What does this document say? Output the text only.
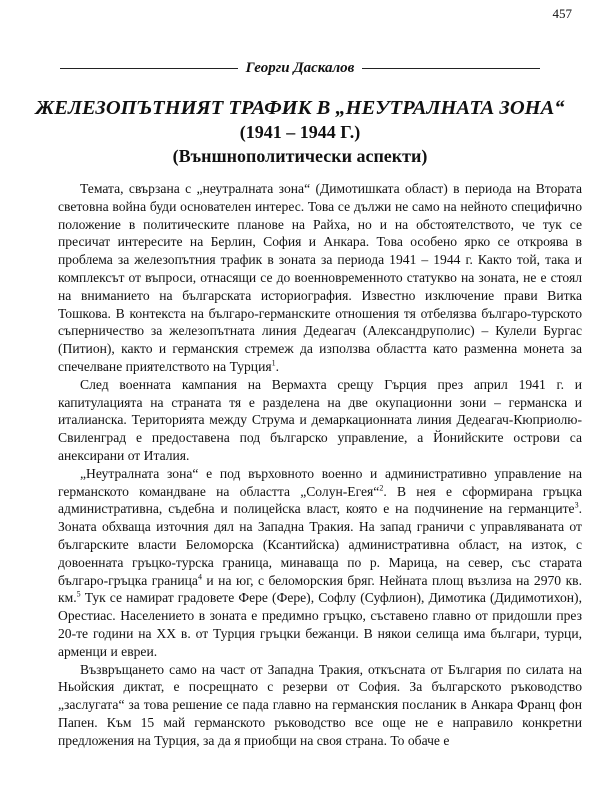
457
Георги Даскалов
ЖЕЛЕЗОПЪТНИЯТ ТРАФИК В „НЕУТРАЛНАТА ЗОНА“
(1941 – 1944 Г.)
(Външнополитически аспекти)

Темата, свързана с „неутралната зона“ (Димотишката област) в периода на Втората световна война буди основателен интерес. Това се дължи не само на нейното специфично положение в политическите планове на Райха, но и на обстоятелството, че тук се пресичат интересите на Берлин, София и Анкара. Това особено ярко се откроява в проблема за железопътния трафик в зоната за периода 1941 – 1944 г. Както той, така и комплексът от въпроси, отнасящи се до военновременното статукво на зоната, не е стоял на вниманието на българската историография. Известно изключение прави Витка Тошкова. В контекста на българо-германските отношения тя отбелязва българо-турското съперничество за железопътната линия Дедеагач (Александруполис) – Кулели Бургас (Питион), както и германския стремеж да използва областта като разменна монета за спечелване приятелството на Турция$^1$.

След военната кампания на Вермахта срещу Гърция през април 1941 г. и капитулацията на страната тя е разделена на две окупационни зони – германска и италианска. Територията между Струма и демаркационната линия Дедеагач-Кюприолю-Свиленград е предоставена под българско управление, а Йонийските острови са анексирани от Италия.

„Неутралната зона“ е под върховното военно и административно управление на германското командване на областта „Солун-Егея“$^2$. В нея е сформирана гръцка административна, съдебна и полицейска власт, която е на подчинение на германците$^3$. Зоната обхваща източния дял на Западна Тракия. На запад граничи с управляваната от българските власти Беломорска (Ксантийска) административна област, на изток, с довоенната гръцко-турска граница, минаваща по р. Марица, на север, със старата българо-гръцка граница$^4$ и на юг, с беломорския бряг. Нейната площ възлиза на 2970 кв. км.$^5$ Тук се намират градовете Фере (Фере), Софлу (Суфлион), Димотика (Дидимотихон), Орестиас. Населението в зоната е предимно гръцко, съставено главно от придошли през 20-те години на ХХ в. от Турция гръцки бежанци. В някои селища има българи, турци, арменци и евреи.

Възвръщането само на част от Западна Тракия, откъсната от България по силата на Ньойския диктат, е посрещнато с резерви от София. За българското ръководство „заслугата“ за това решение се пада главно на германския посланик в Анкара Франц фон Папен. Към 15 май германското ръководство все още не е направило конкретни предложения на Турция, за да я приобщи на своя страна. То обаче е
